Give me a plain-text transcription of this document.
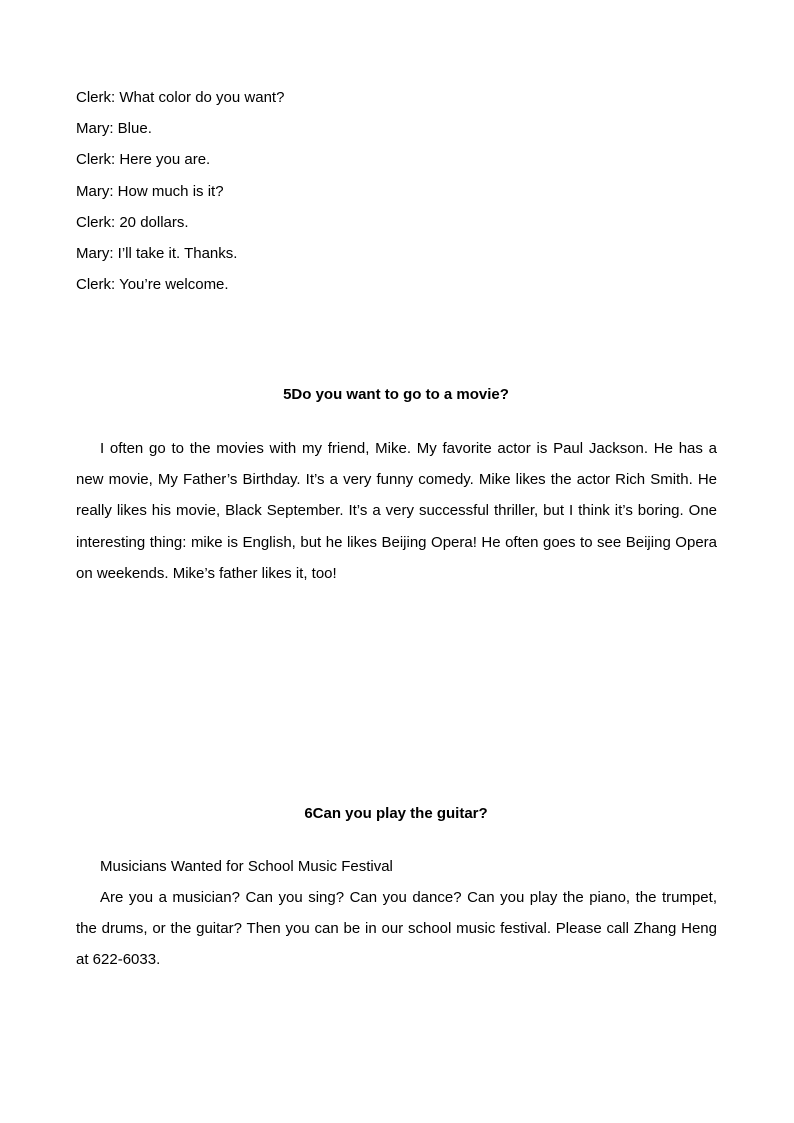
Clerk: What color do you want?
Mary: Blue.
Clerk: Here you are.
Mary: How much is it?
Clerk: 20 dollars.
Mary: I’ll take it. Thanks.
Clerk: You’re welcome.
5Do you want to go to a movie?

I often go to the movies with my friend, Mike. My favorite actor is Paul Jackson. He has a new movie, My Father’s Birthday. It’s a very funny comedy. Mike likes the actor Rich Smith. He really likes his movie, Black September. It’s a very successful thriller, but I think it’s boring. One interesting thing: mike is English, but he likes Beijing Opera! He often goes to see Beijing Opera on weekends. Mike’s father likes it, too!

6Can you play the guitar?

Musicians Wanted for School Music Festival

Are you a musician? Can you sing? Can you dance? Can you play the piano, the trumpet, the drums, or the guitar? Then you can be in our school music festival. Please call Zhang Heng at 622-6033.
